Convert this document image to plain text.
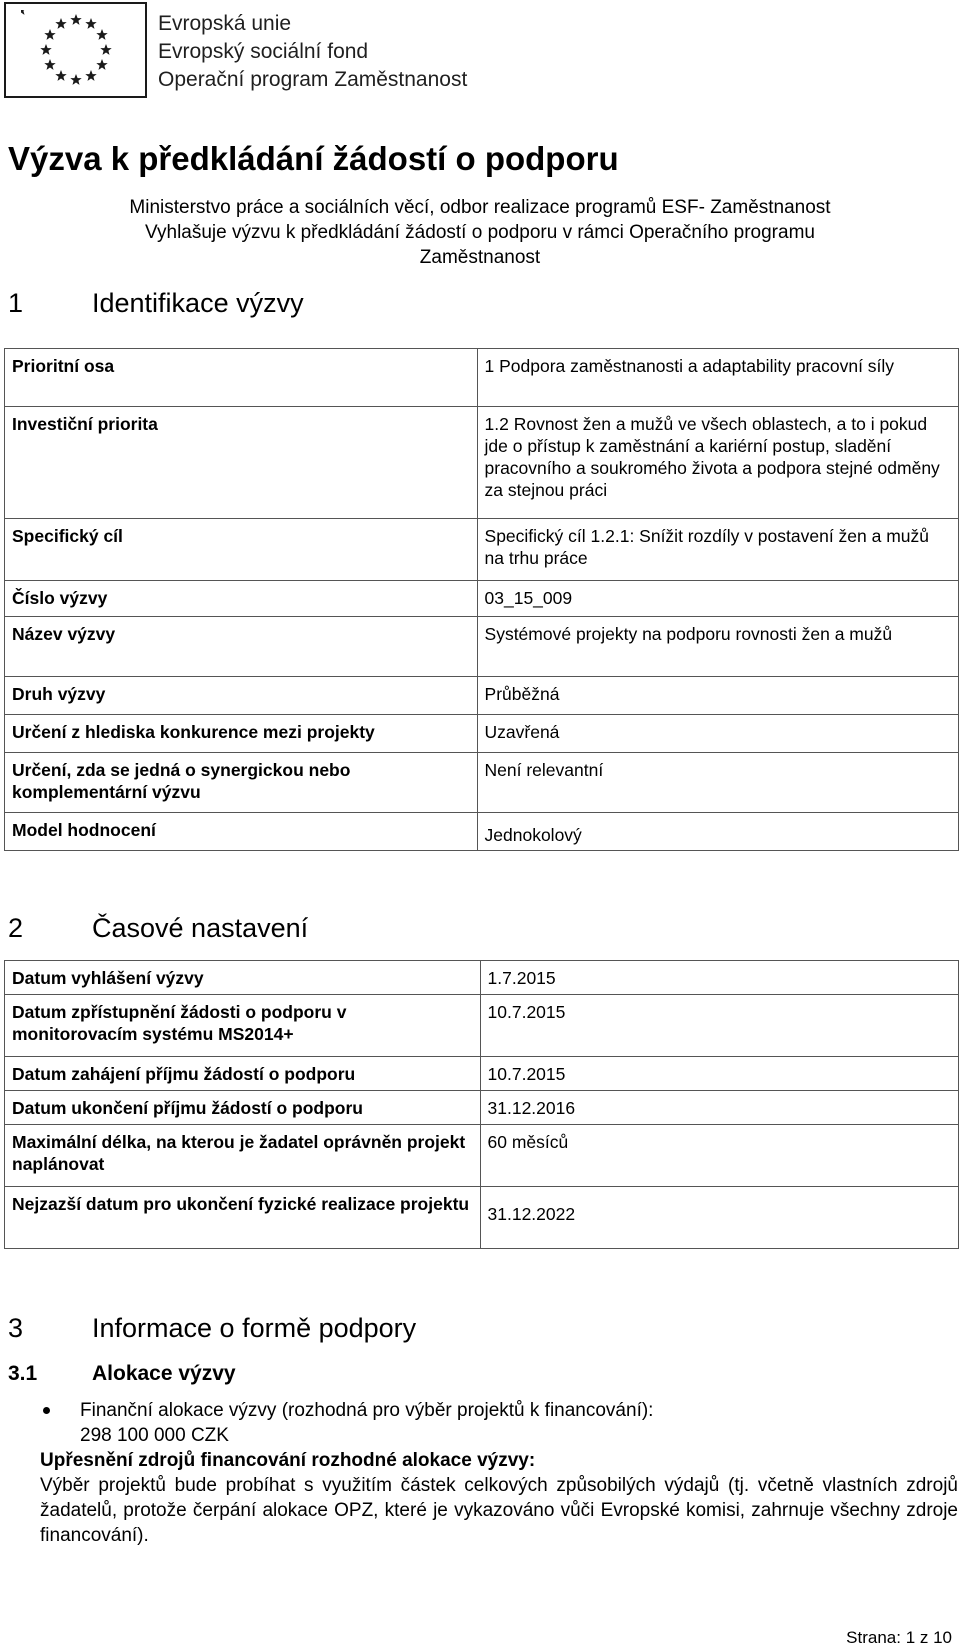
Evropská unie
Evropský sociální fond
Operační program Zaměstnanost
Výzva k předkládání žádostí o podporu
Ministerstvo práce a sociálních věcí, odbor realizace programů ESF- Zaměstnanost
Vyhlašuje výzvu k předkládání žádostí o podporu v rámci Operačního programu
Zaměstnanost
1	Identifikace výzvy
Prioritní osa	1 Podpora zaměstnanosti a adaptability pracovní síly
Investiční priorita	1.2 Rovnost žen a mužů ve všech oblastech, a to i pokud jde o přístup k zaměstnání a kariérní postup, sladění pracovního a soukromého života a podpora stejné odměny za stejnou práci
Specifický cíl	Specifický cíl 1.2.1: Snížit rozdíly v postavení žen a mužů na trhu práce
Číslo výzvy	03_15_009
Název výzvy	Systémové projekty na podporu rovnosti žen a mužů
Druh výzvy	Průběžná
Určení z hlediska konkurence mezi projekty	Uzavřená
Určení, zda se jedná o synergickou nebo komplementární výzvu	Není relevantní
Model hodnocení	Jednokolový
2	Časové nastavení
Datum vyhlášení výzvy	1.7.2015
Datum zpřístupnění žádosti o podporu v monitorovacím systému MS2014+	10.7.2015
Datum zahájení příjmu žádostí o podporu	10.7.2015
Datum ukončení příjmu žádostí o podporu	31.12.2016
Maximální délka, na kterou je žadatel oprávněn projekt naplánovat	60 měsíců
Nejzazší datum pro ukončení fyzické realizace projektu	31.12.2022
3	Informace o formě podpory
3.1	Alokace výzvy
Finanční alokace výzvy (rozhodná pro výběr projektů k financování):
298 100 000 CZK
Upřesnění zdrojů financování rozhodné alokace výzvy:
Výběr projektů bude probíhat s využitím částek celkových způsobilých výdajů (tj. včetně vlastních zdrojů žadatelů, protože čerpání alokace OPZ, které je vykazováno vůči Evropské komisi, zahrnuje všechny zdroje financování).
Strana: 1 z 10
